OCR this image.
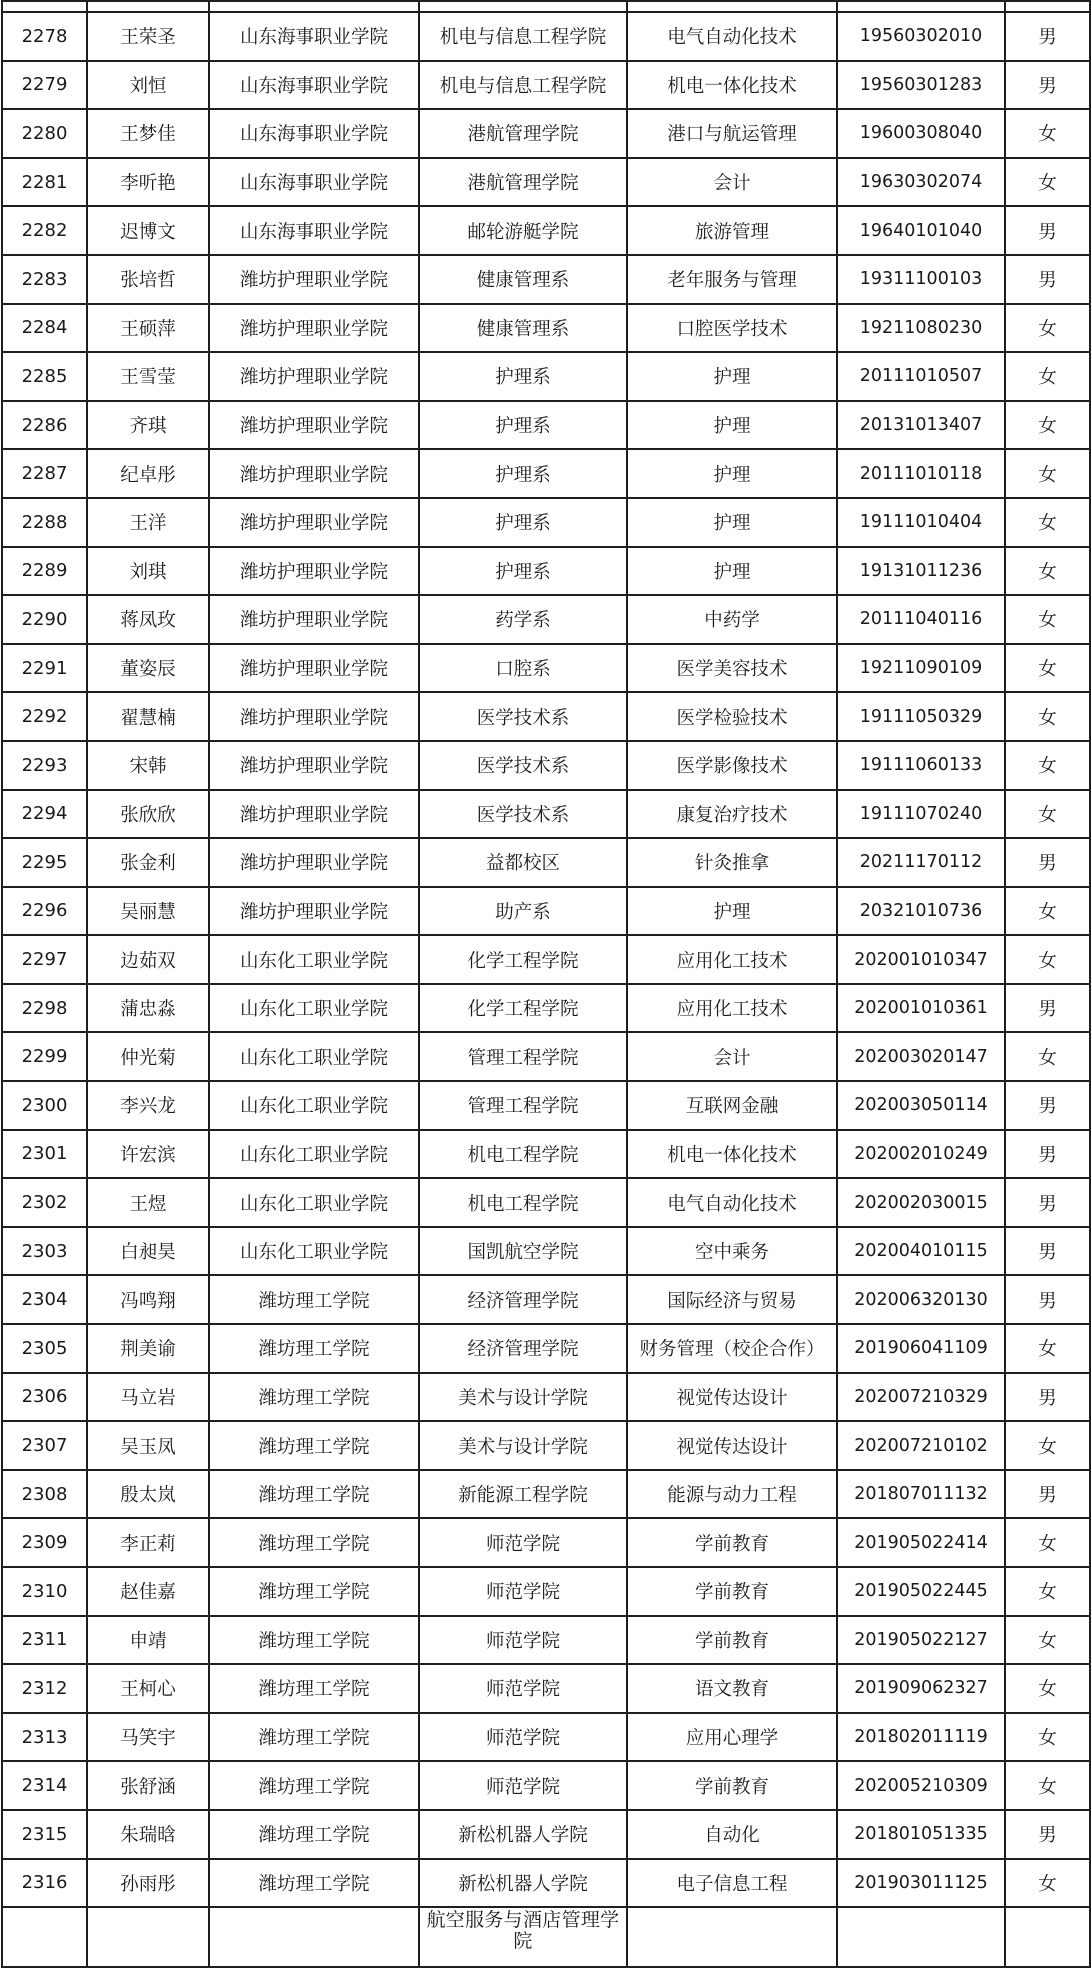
2278	王荣圣	山东海事职业学院	机电与信息工程学院	电气自动化技术	19560302010	男
2279	刘恒	山东海事职业学院	机电与信息工程学院	机电一体化技术	19560301283	男
2280	王梦佳	山东海事职业学院	港航管理学院	港口与航运管理	19600308040	女
2281	李听艳	山东海事职业学院	港航管理学院	会计	19630302074	女
2282	迟博文	山东海事职业学院	邮轮游艇学院	旅游管理	19640101040	男
2283	张培哲	潍坊护理职业学院	健康管理系	老年服务与管理	19311100103	男
2284	王硕萍	潍坊护理职业学院	健康管理系	口腔医学技术	19211080230	女
2285	王雪莹	潍坊护理职业学院	护理系	护理	20111010507	女
2286	齐琪	潍坊护理职业学院	护理系	护理	20131013407	女
2287	纪卓彤	潍坊护理职业学院	护理系	护理	20111010118	女
2288	王洋	潍坊护理职业学院	护理系	护理	19111010404	女
2289	刘琪	潍坊护理职业学院	护理系	护理	19131011236	女
2290	蒋凤玫	潍坊护理职业学院	药学系	中药学	20111040116	女
2291	董姿辰	潍坊护理职业学院	口腔系	医学美容技术	19211090109	女
2292	翟慧楠	潍坊护理职业学院	医学技术系	医学检验技术	19111050329	女
2293	宋韩	潍坊护理职业学院	医学技术系	医学影像技术	19111060133	女
2294	张欣欣	潍坊护理职业学院	医学技术系	康复治疗技术	19111070240	女
2295	张金利	潍坊护理职业学院	益都校区	针灸推拿	20211170112	男
2296	吴丽慧	潍坊护理职业学院	助产系	护理	20321010736	女
2297	边茹双	山东化工职业学院	化学工程学院	应用化工技术	202001010347	女
2298	蒲忠淼	山东化工职业学院	化学工程学院	应用化工技术	202001010361	男
2299	仲光菊	山东化工职业学院	管理工程学院	会计	202003020147	女
2300	李兴龙	山东化工职业学院	管理工程学院	互联网金融	202003050114	男
2301	许宏滨	山东化工职业学院	机电工程学院	机电一体化技术	202002010249	男
2302	王煜	山东化工职业学院	机电工程学院	电气自动化技术	202002030015	男
2303	白昶昊	山东化工职业学院	国凯航空学院	空中乘务	202004010115	男
2304	冯鸣翔	潍坊理工学院	经济管理学院	国际经济与贸易	202006320130	男
2305	荆美谕	潍坊理工学院	经济管理学院	财务管理（校企合作）	201906041109	女
2306	马立岩	潍坊理工学院	美术与设计学院	视觉传达设计	202007210329	男
2307	吴玉凤	潍坊理工学院	美术与设计学院	视觉传达设计	202007210102	女
2308	殷太岚	潍坊理工学院	新能源工程学院	能源与动力工程	201807011132	男
2309	李正莉	潍坊理工学院	师范学院	学前教育	201905022414	女
2310	赵佳嘉	潍坊理工学院	师范学院	学前教育	201905022445	女
2311	申靖	潍坊理工学院	师范学院	学前教育	201905022127	女
2312	王柯心	潍坊理工学院	师范学院	语文教育	201909062327	女
2313	马笑宇	潍坊理工学院	师范学院	应用心理学	201802011119	女
2314	张舒涵	潍坊理工学院	师范学院	学前教育	202005210309	女
2315	朱瑞晗	潍坊理工学院	新松机器人学院	自动化	201801051335	男
2316	孙雨彤	潍坊理工学院	新松机器人学院	电子信息工程	201903011125	女
			航空服务与酒店管理学院			
